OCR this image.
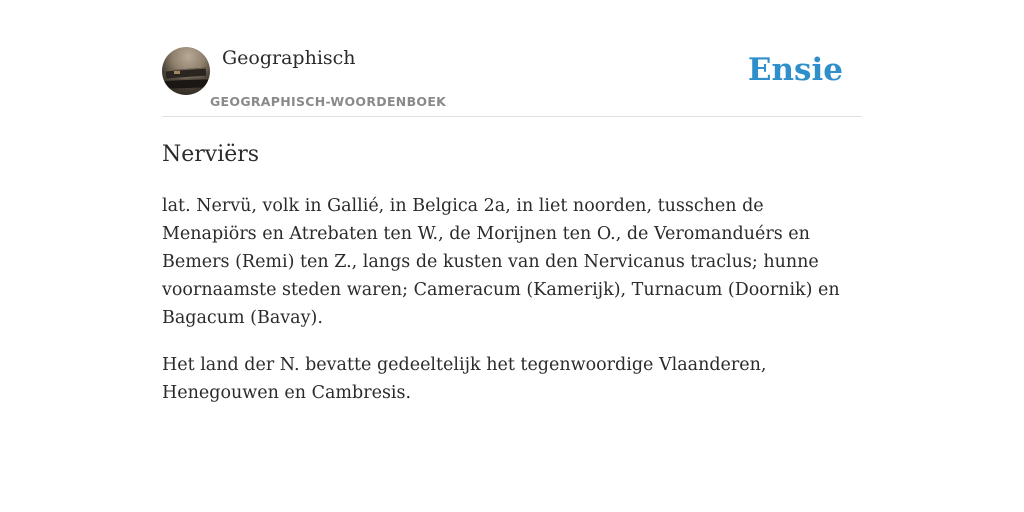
Geographisch
GEOGRAPHISCH-WOORDENBOEK
Ensie
Nerviërs

lat. Nervü, volk in Gallié, in Belgica 2a, in liet noorden, tusschen de Menapiörs en Atrebaten ten W., de Morijnen ten O., de Veromanduérs en Bemers (Remi) ten Z., langs de kusten van den Nervicanus traclus; hunne voornaamste steden waren; Cameracum (Kamerijk), Turnacum (Doornik) en Bagacum (Bavay).

Het land der N. bevatte gedeeltelijk het tegenwoordige Vlaanderen, Henegouwen en Cambresis.
